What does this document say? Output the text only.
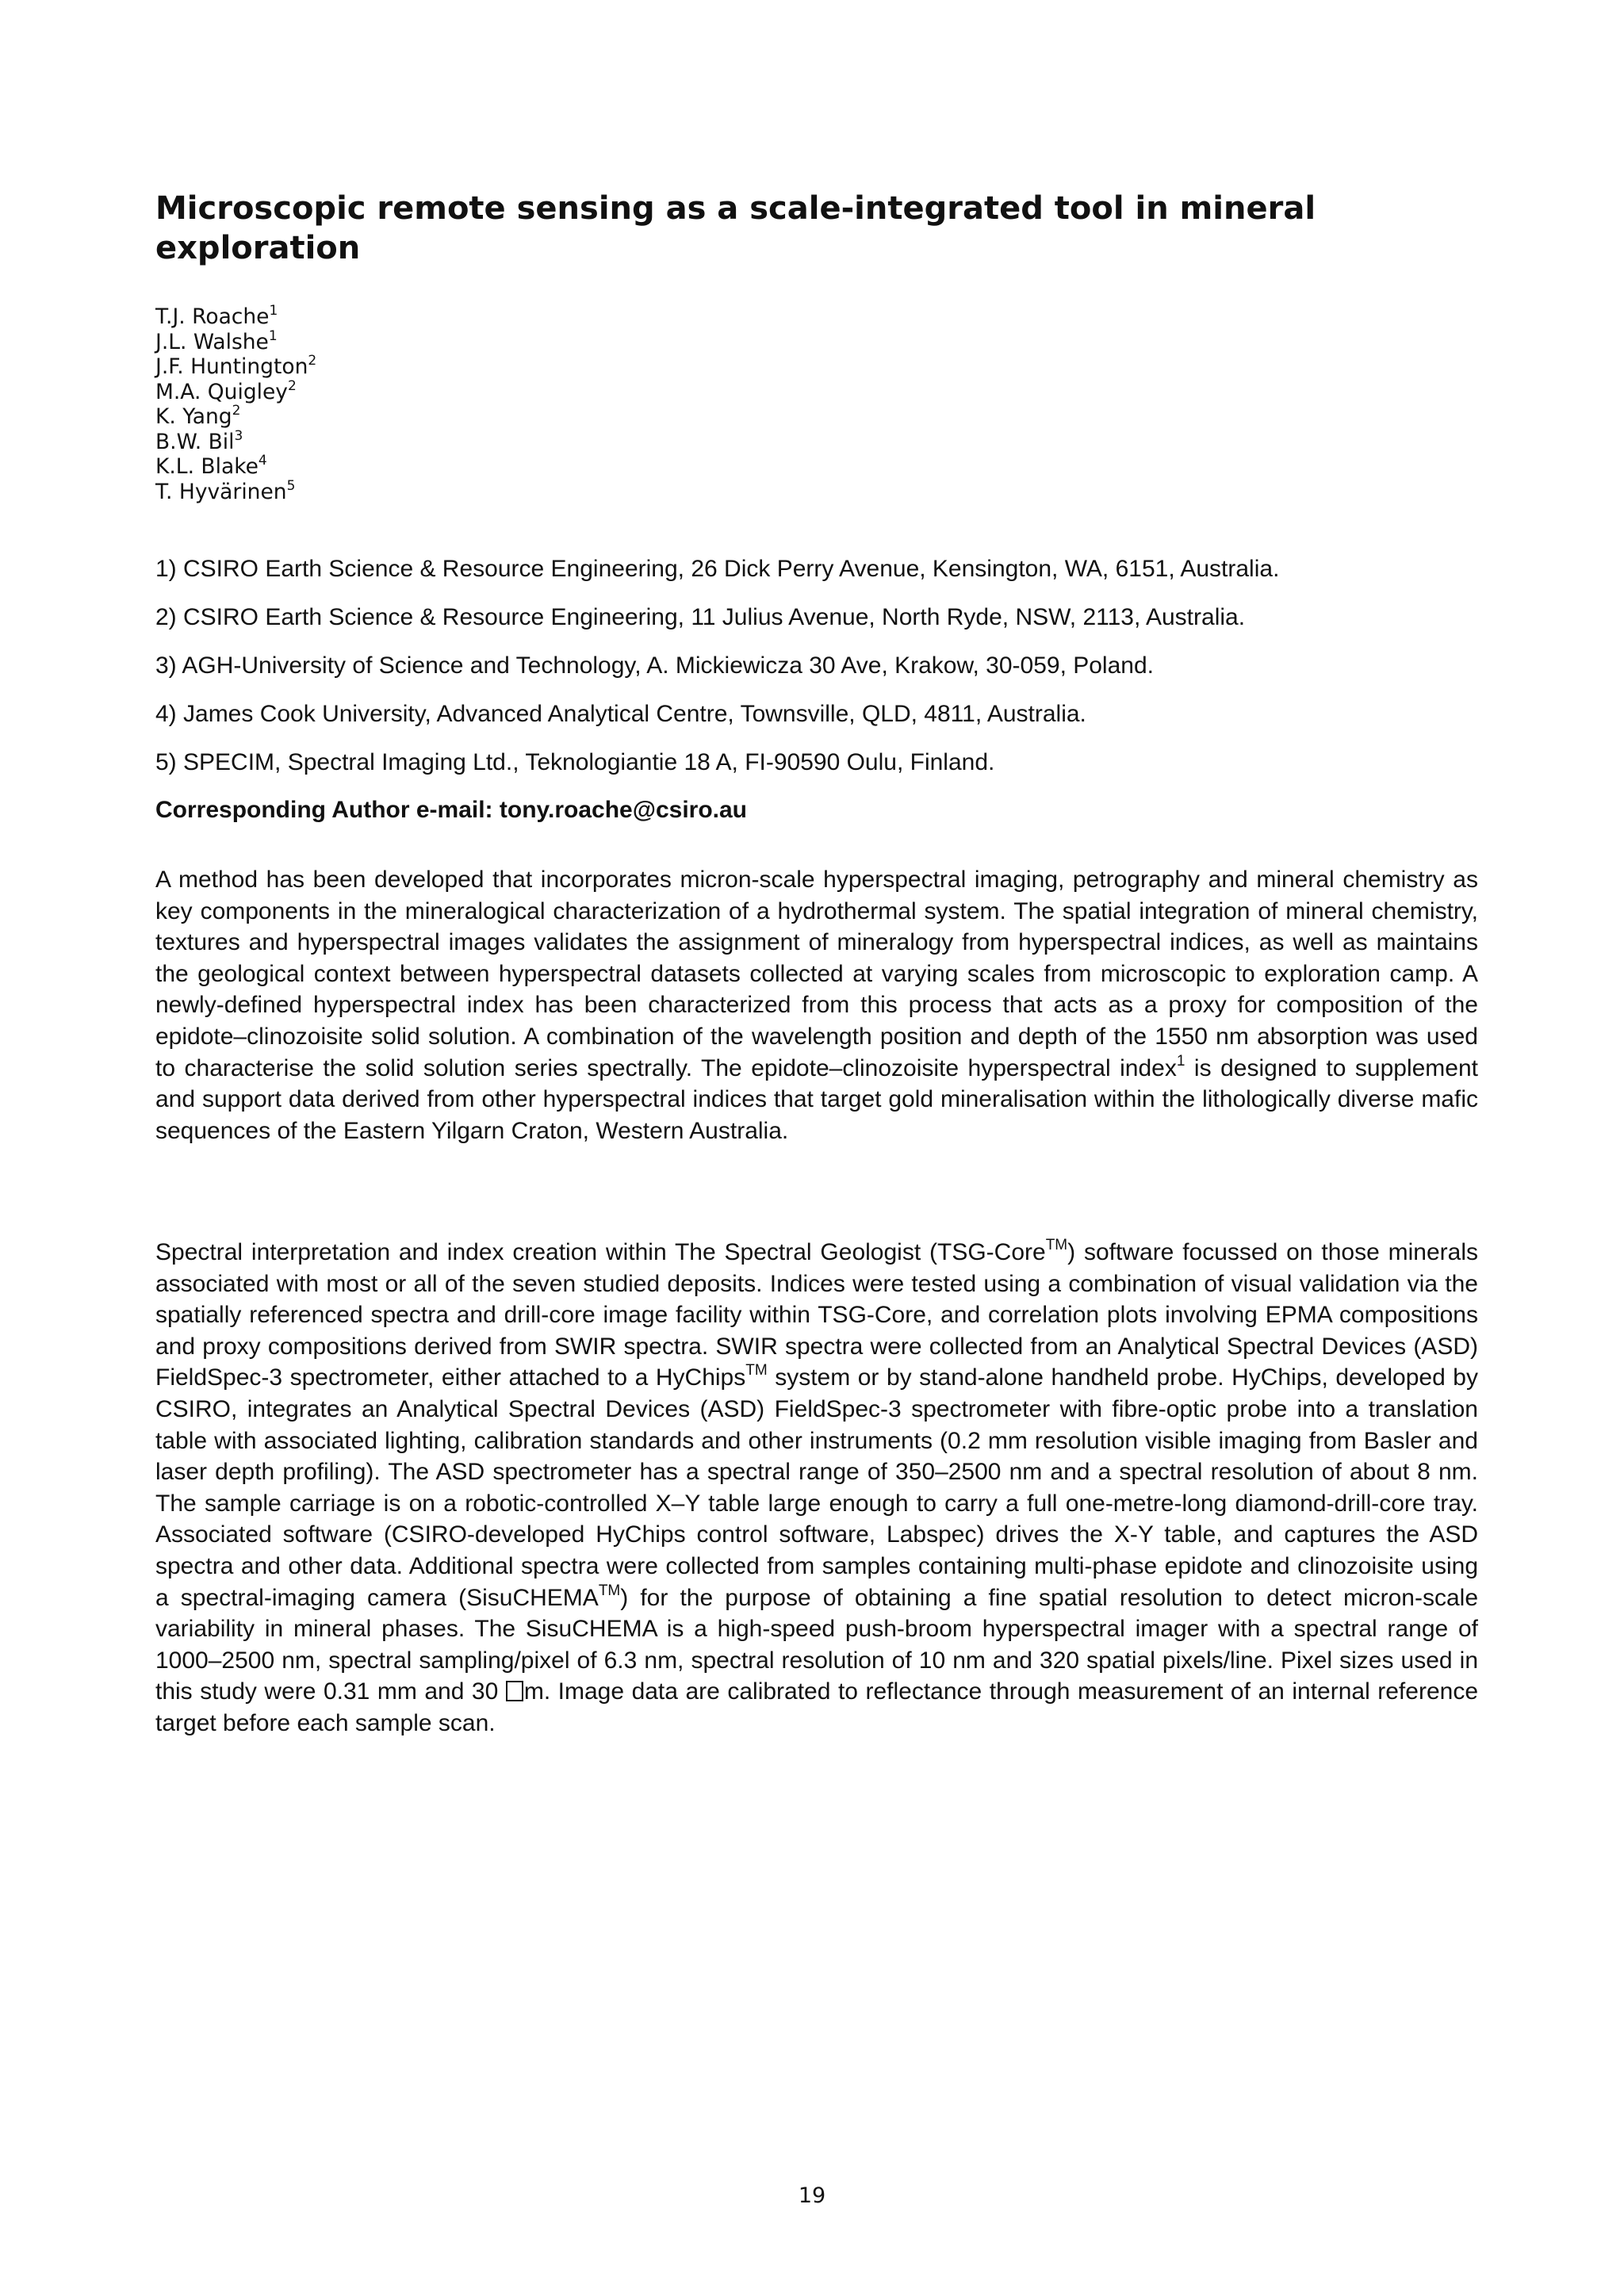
Microscopic remote sensing as a scale-integrated tool in mineral exploration
T.J. Roache$^1$
J.L. Walshe$^1$
J.F. Huntington$^2$
M.A. Quigley$^2$
K. Yang$^2$
B.W. Bil$^3$
K.L. Blake$^4$
T. Hyvärinen$^5$

1) CSIRO Earth Science & Resource Engineering, 26 Dick Perry Avenue, Kensington, WA, 6151, Australia.

2) CSIRO Earth Science & Resource Engineering, 11 Julius Avenue, North Ryde, NSW, 2113, Australia.

3) AGH-University of Science and Technology, A. Mickiewicza 30 Ave, Krakow, 30-059, Poland.

4) James Cook University, Advanced Analytical Centre, Townsville, QLD, 4811, Australia.

5) SPECIM, Spectral Imaging Ltd., Teknologiantie 18 A, FI-90590 Oulu, Finland.

Corresponding Author e-mail: tony.roache@csiro.au

A method has been developed that incorporates micron-scale hyperspectral imaging, petrography and mineral chemistry as key components in the mineralogical characterization of a hydrothermal system. The spatial integration of mineral chemistry, textures and hyperspectral images validates the assignment of mineralogy from hyperspectral indices, as well as maintains the geological context between hyperspectral datasets collected at varying scales from microscopic to exploration camp. A newly-defined hyperspectral index has been characterized from this process that acts as a proxy for composition of the epidote–clinozoisite solid solution. A combination of the wavelength position and depth of the 1550 nm absorption was used to characterise the solid solution series spectrally. The epidote–clinozoisite hyperspectral index$^1$ is designed to supplement and support data derived from other hyperspectral indices that target gold mineralisation within the lithologically diverse mafic sequences of the Eastern Yilgarn Craton, Western Australia.

Spectral interpretation and index creation within The Spectral Geologist (TSG-Core™) software focussed on those minerals associated with most or all of the seven studied deposits. Indices were tested using a combination of visual validation via the spatially referenced spectra and drill-core image facility within TSG-Core, and correlation plots involving EPMA compositions and proxy compositions derived from SWIR spectra. SWIR spectra were collected from an Analytical Spectral Devices (ASD) FieldSpec-3 spectrometer, either attached to a HyChips™ system or by stand-alone handheld probe. HyChips, developed by CSIRO, integrates an Analytical Spectral Devices (ASD) FieldSpec-3 spectrometer with fibre-optic probe into a translation table with associated lighting, calibration standards and other instruments (0.2 mm resolution visible imaging from Basler and laser depth profiling). The ASD spectrometer has a spectral range of 350–2500 nm and a spectral resolution of about 8 nm. The sample carriage is on a robotic-controlled X–Y table large enough to carry a full one-metre-long diamond-drill-core tray. Associated software (CSIRO-developed HyChips control software, Labspec) drives the X-Y table, and captures the ASD spectra and other data. Additional spectra were collected from samples containing multi-phase epidote and clinozoisite using a spectral-imaging camera (SisuCHEMA™) for the purpose of obtaining a fine spatial resolution to detect micron-scale variability in mineral phases. The SisuCHEMA is a high-speed push-broom hyperspectral imager with a spectral range of 1000–2500 nm, spectral sampling/pixel of 6.3 nm, spectral resolution of 10 nm and 320 spatial pixels/line. Pixel sizes used in this study were 0.31 mm and 30 m. Image data are calibrated to reflectance through measurement of an internal reference target before each sample scan.

19
